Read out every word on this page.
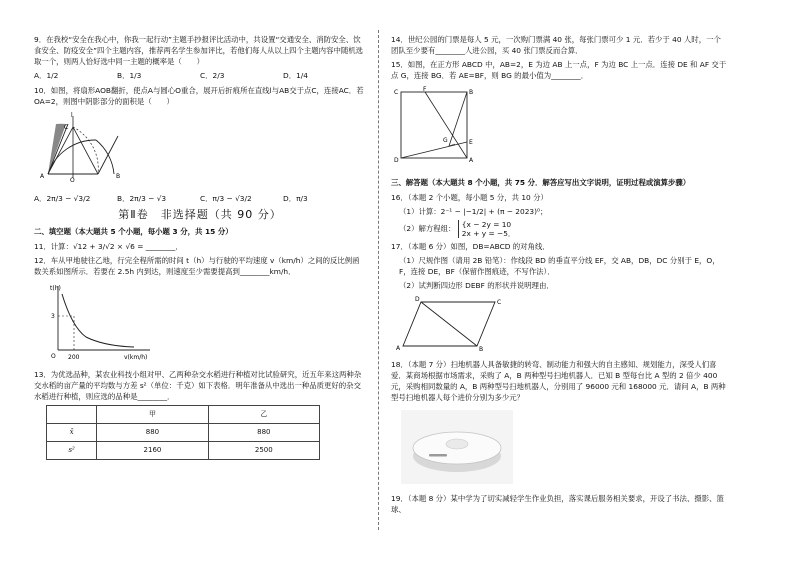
9．在我校“安全在我心中，你我一起行动”主题手抄报评比活动中，共设置“交通安全、消防安全、饮食安全、防疫安全”四个主题内容，推荐两名学生参加评比，若他们每人从以上四个主题内容中随机选取一个，则两人恰好选中同一主题的概率是（　　）

A．1/2	B．1/3	C．2/3	D．1/4

10．如图，将扇形AOB翻折，使点A与圆心O重合，展开后折痕所在直线l与AB交于点C，连接AC．若OA=2，则图中阴影部分的面积是（　　）

l
C
A
O
B
A．2π/3 − √3/2	B．2π/3 − √3	C．π/3 − √3/2	D．π/3
第Ⅱ卷　非选择题（共 90 分）
二、填空题（本大题共 5 个小题，每小题 3 分，共 15 分）

11．计算：√12 + 3/√2 × √6 = ________．

12．车从甲地驶往乙地，行完全程所需的时间 t（h）与行驶的平均速度 v（km/h）之间的反比例函数关系如图所示．若要在 2.5h 内到达，则速度至少需要提高到________km/h．

t(h)
v(km/h)
O 200
3

13．为优选品种，某农业科技小组对甲、乙两种杂交水稻进行种植对比试验研究，近五年来这两种杂交水稻的亩产量的平均数与方差 s²（单位：千克）如下表格．明年准备从中选出一种品质更好的杂交水稻进行种植，则应选的品种是________．

	甲	乙
x̄	880	880
s²	2160	2500

14．世纪公园的门票是每人 5 元，一次购门票满 40 张，每张门票可少 1 元．若少于 40 人时，一个团队至少要有________人进公园，买 40 张门票反而合算．

15．如图，在正方形 ABCD 中，AB=2，E 为边 AB 上一点，F 为边 BC 上一点．连接 DE 和 AF 交于点 G，连接 BG．若 AE=BF，则 BG 的最小值为________．

C	B
F
G	E
D	A
三、解答题（本大题共 8 个小题，共 75 分．解答应写出文字说明，证明过程或演算步骤）

16．（本题 2 个小题，每小题 5 分，共 10 分）

（1）计算：2⁻¹ − |−1/2| + (π − 2023)⁰；

（2）解方程组： {x − 2y = 10
2x + y = −5．

17．（本题 6 分）如图，DB=ABCD 的对角线．

（1）尺规作图（请用 2B 铅笔）：作线段 BD 的垂直平分线 EF，交 AB，DB，DC 分别于 E，O，F，连接 DE，BF（保留作图痕迹，不写作法）．

（2）试判断四边形 DEBF 的形状并说明理由．

D	C
A	B

18．（本题 7 分）扫地机器人具备敏捷的转弯、制动能力和强大的自主感知、规划能力，深受人们喜爱．某商场根据市场需求，采购了 A，B 两种型号扫地机器人．已知 B 型每台比 A 型的 2 倍少 400 元，采购相同数量的 A，B 两种型号扫地机器人，分别用了 96000 元和 168000 元．请问 A，B 两种型号扫地机器人每个进价分别为多少元？

19．（本题 8 分）某中学为了切实减轻学生作业负担，落实课后服务相关要求，开设了书法、摄影、篮球、
